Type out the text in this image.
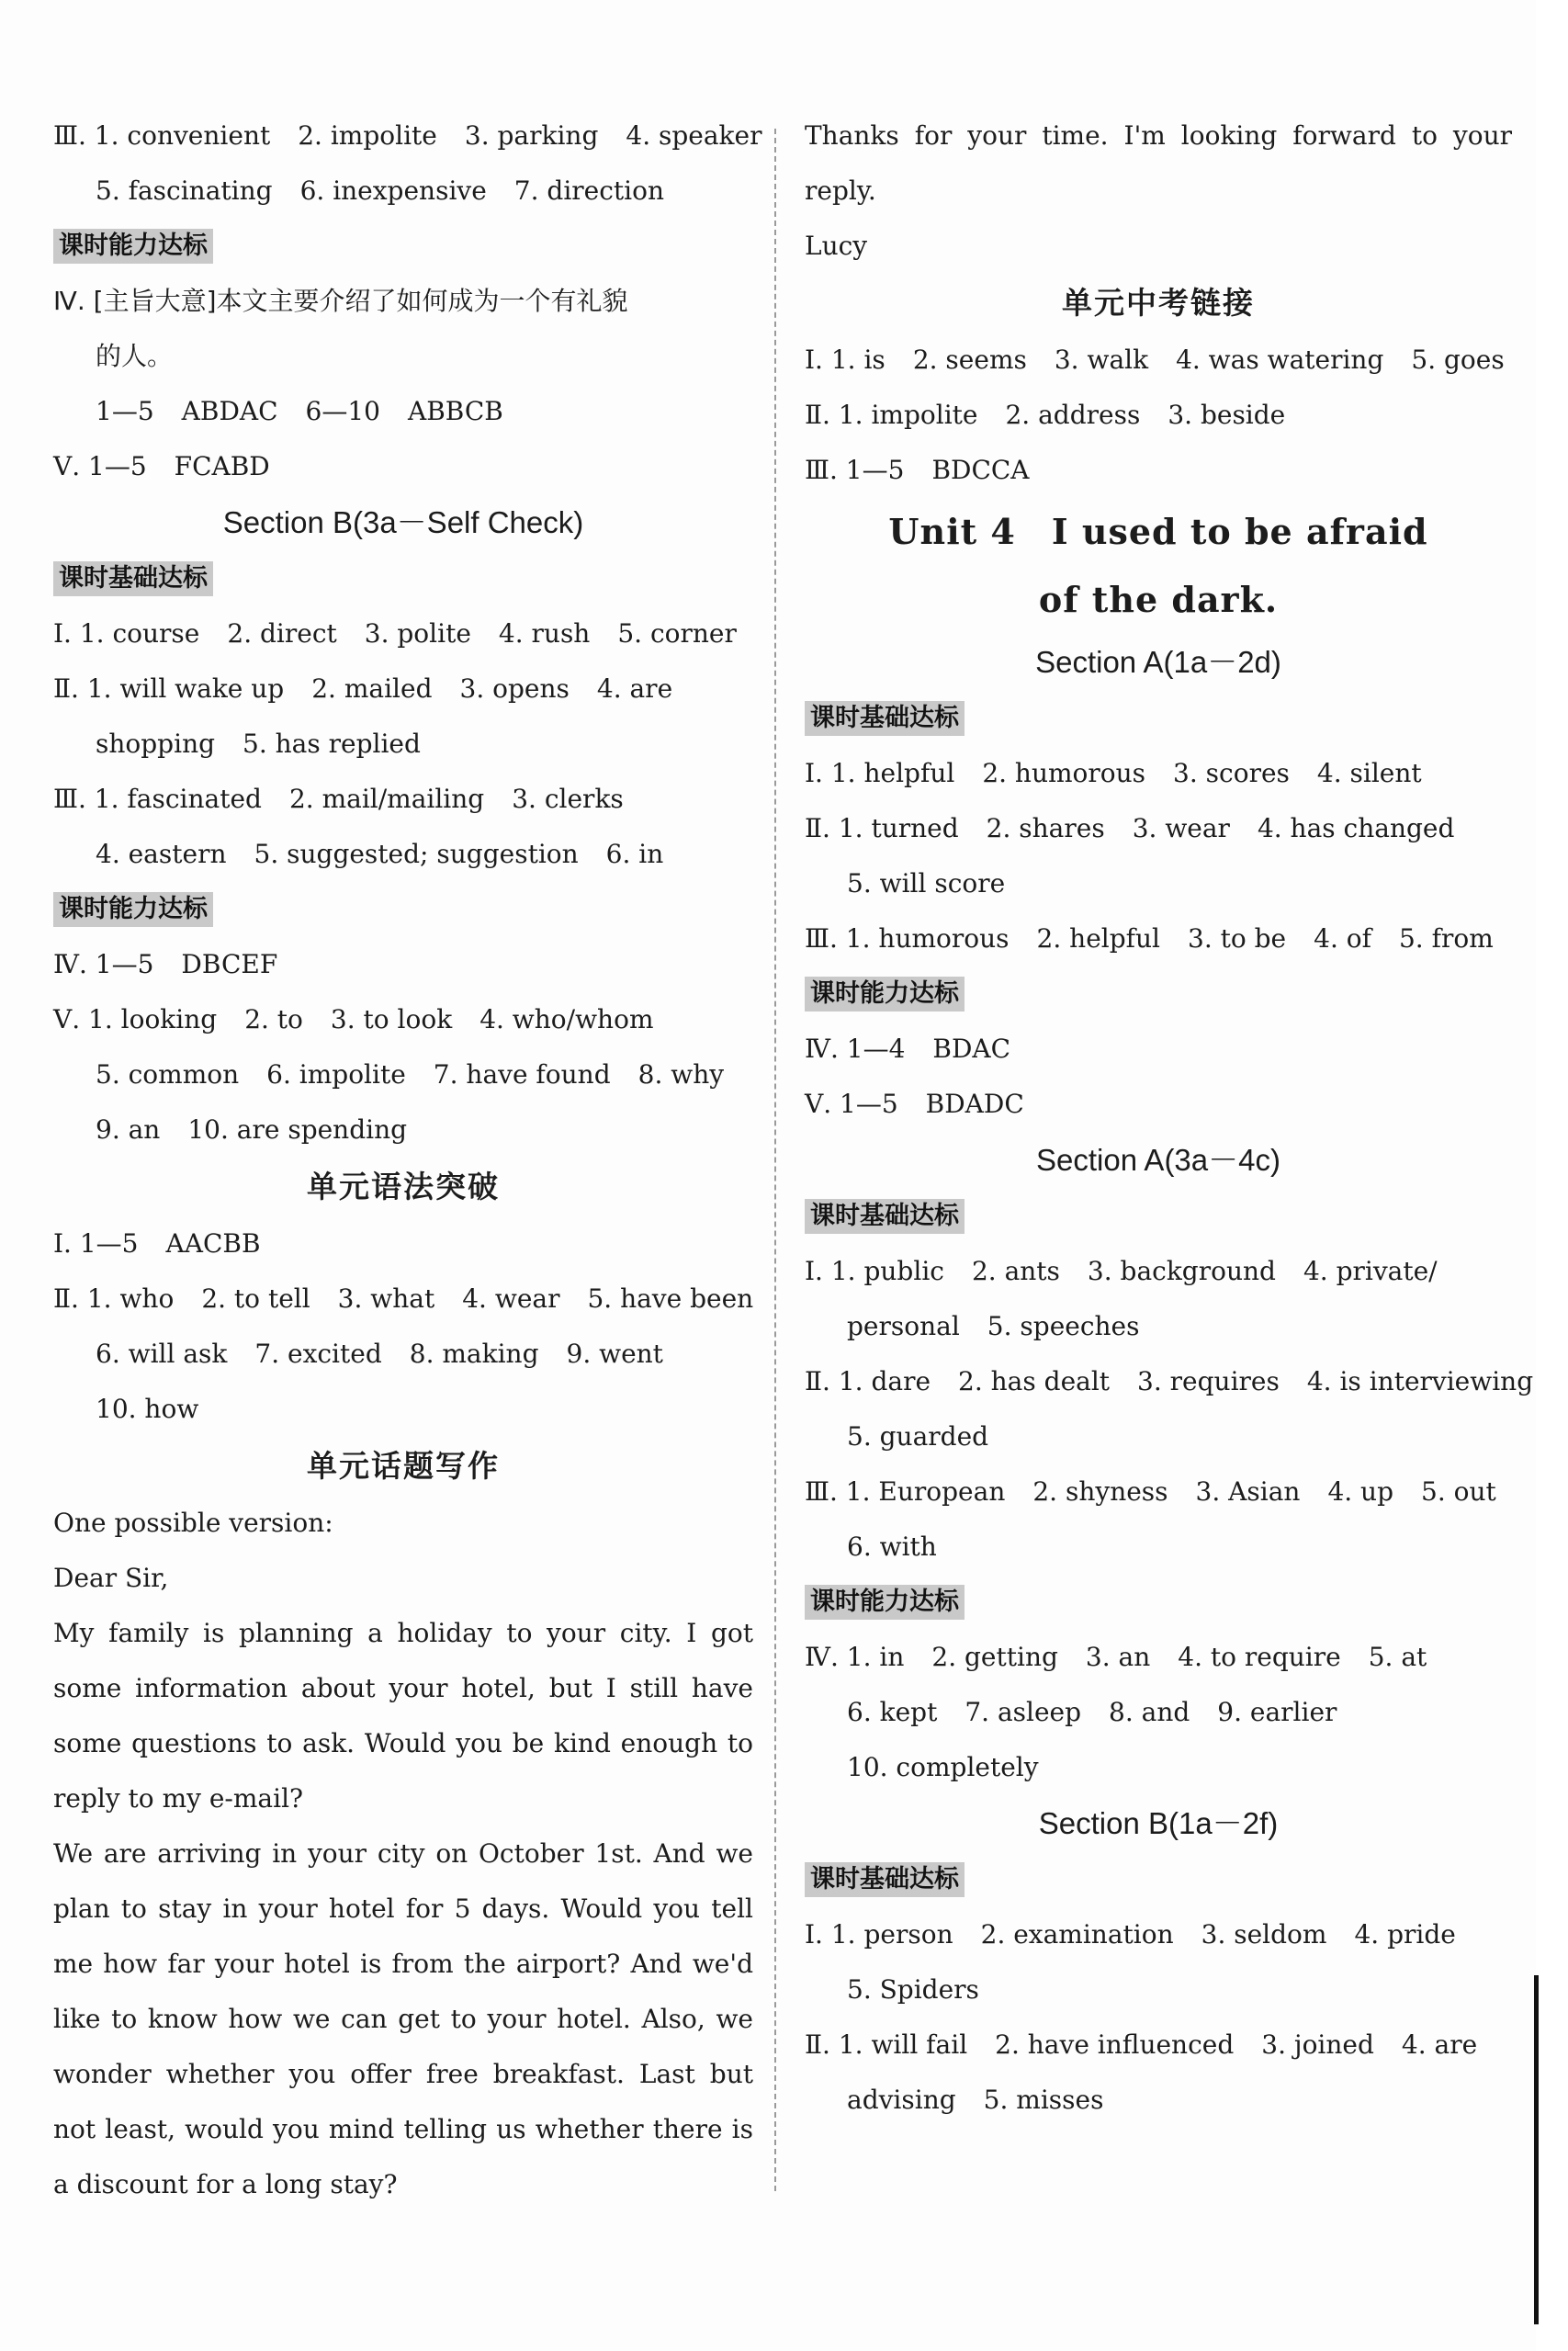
Ⅲ. 1. convenient 2. impolite 3. parking 4. speaker
5. fascinating 6. inexpensive 7. direction
课时能力达标
Ⅳ. [主旨大意]本文主要介绍了如何成为一个有礼貌
的人。
1—5 ABDAC 6—10 ABBCB
Ⅴ. 1—5 FCABD
Section B(3a－Self Check)
课时基础达标
Ⅰ. 1. course 2. direct 3. polite 4. rush 5. corner
Ⅱ. 1. will wake up 2. mailed 3. opens 4. are
shopping 5. has replied
Ⅲ. 1. fascinated 2. mail/mailing 3. clerks
4. eastern 5. suggested; suggestion 6. in
课时能力达标
Ⅳ. 1—5 DBCEF
Ⅴ. 1. looking 2. to 3. to look 4. who/whom
5. common 6. impolite 7. have found 8. why
9. an 10. are spending
单元语法突破
Ⅰ. 1—5 AACBB
Ⅱ. 1. who 2. to tell 3. what 4. wear 5. have been
6. will ask 7. excited 8. making 9. went
10. how
单元话题写作
One possible version:
Dear Sir,
My family is planning a holiday to your city. I got some information about your hotel, but I still have some questions to ask. Would you be kind enough to reply to my e-mail?
We are arriving in your city on October 1st. And we plan to stay in your hotel for 5 days. Would you tell me how far your hotel is from the airport? And we'd like to know how we can get to your hotel. Also, we wonder whether you offer free breakfast. Last but not least, would you mind telling us whether there is a discount for a long stay?
Thanks for your time. I'm looking forward to your reply.
Lucy
单元中考链接
Ⅰ. 1. is 2. seems 3. walk 4. was watering 5. goes
Ⅱ. 1. impolite 2. address 3. beside
Ⅲ. 1—5 BDCCA
Unit 4　I used to be afraid
of the dark.
Section A(1a－2d)
课时基础达标
Ⅰ. 1. helpful 2. humorous 3. scores 4. silent
Ⅱ. 1. turned 2. shares 3. wear 4. has changed
5. will score
Ⅲ. 1. humorous 2. helpful 3. to be 4. of 5. from
课时能力达标
Ⅳ. 1—4 BDAC
Ⅴ. 1—5 BDADC
Section A(3a－4c)
课时基础达标
Ⅰ. 1. public 2. ants 3. background 4. private/
personal 5. speeches
Ⅱ. 1. dare 2. has dealt 3. requires 4. is interviewing
5. guarded
Ⅲ. 1. European 2. shyness 3. Asian 4. up 5. out
6. with
课时能力达标
Ⅳ. 1. in 2. getting 3. an 4. to require 5. at
6. kept 7. asleep 8. and 9. earlier
10. completely
Section B(1a－2f)
课时基础达标
Ⅰ. 1. person 2. examination 3. seldom 4. pride
5. Spiders
Ⅱ. 1. will fail 2. have influenced 3. joined 4. are
advising 5. misses
